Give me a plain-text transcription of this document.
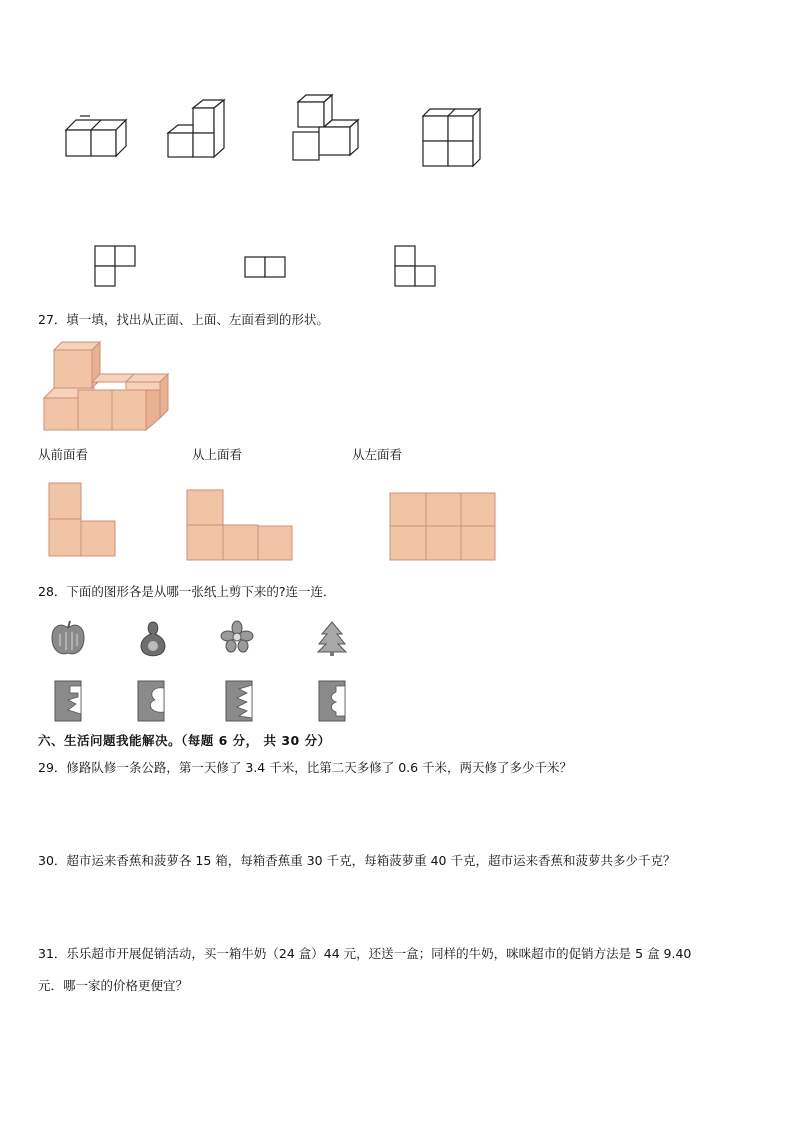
27．填一填，找出从正面、上面、左面看到的形状。
从前面看	从上面看	从左面看
28．下面的图形各是从哪一张纸上剪下来的?连一连．
六、生活问题我能解决。（每题 6 分， 共 30 分）
29．修路队修一条公路，第一天修了 3.4 千米，比第二天多修了 0.6 千米，两天修了多少千米？
30．超市运来香蕉和菠萝各 15 箱，每箱香蕉重 30 千克，每箱菠萝重 40 千克，超市运来香蕉和菠萝共多少千克？
31．乐乐超市开展促销活动，买一箱牛奶（24 盒）44 元，还送一盒；同样的牛奶，咪咪超市的促销方法是 5 盒 9.40
元．哪一家的价格更便宜？
